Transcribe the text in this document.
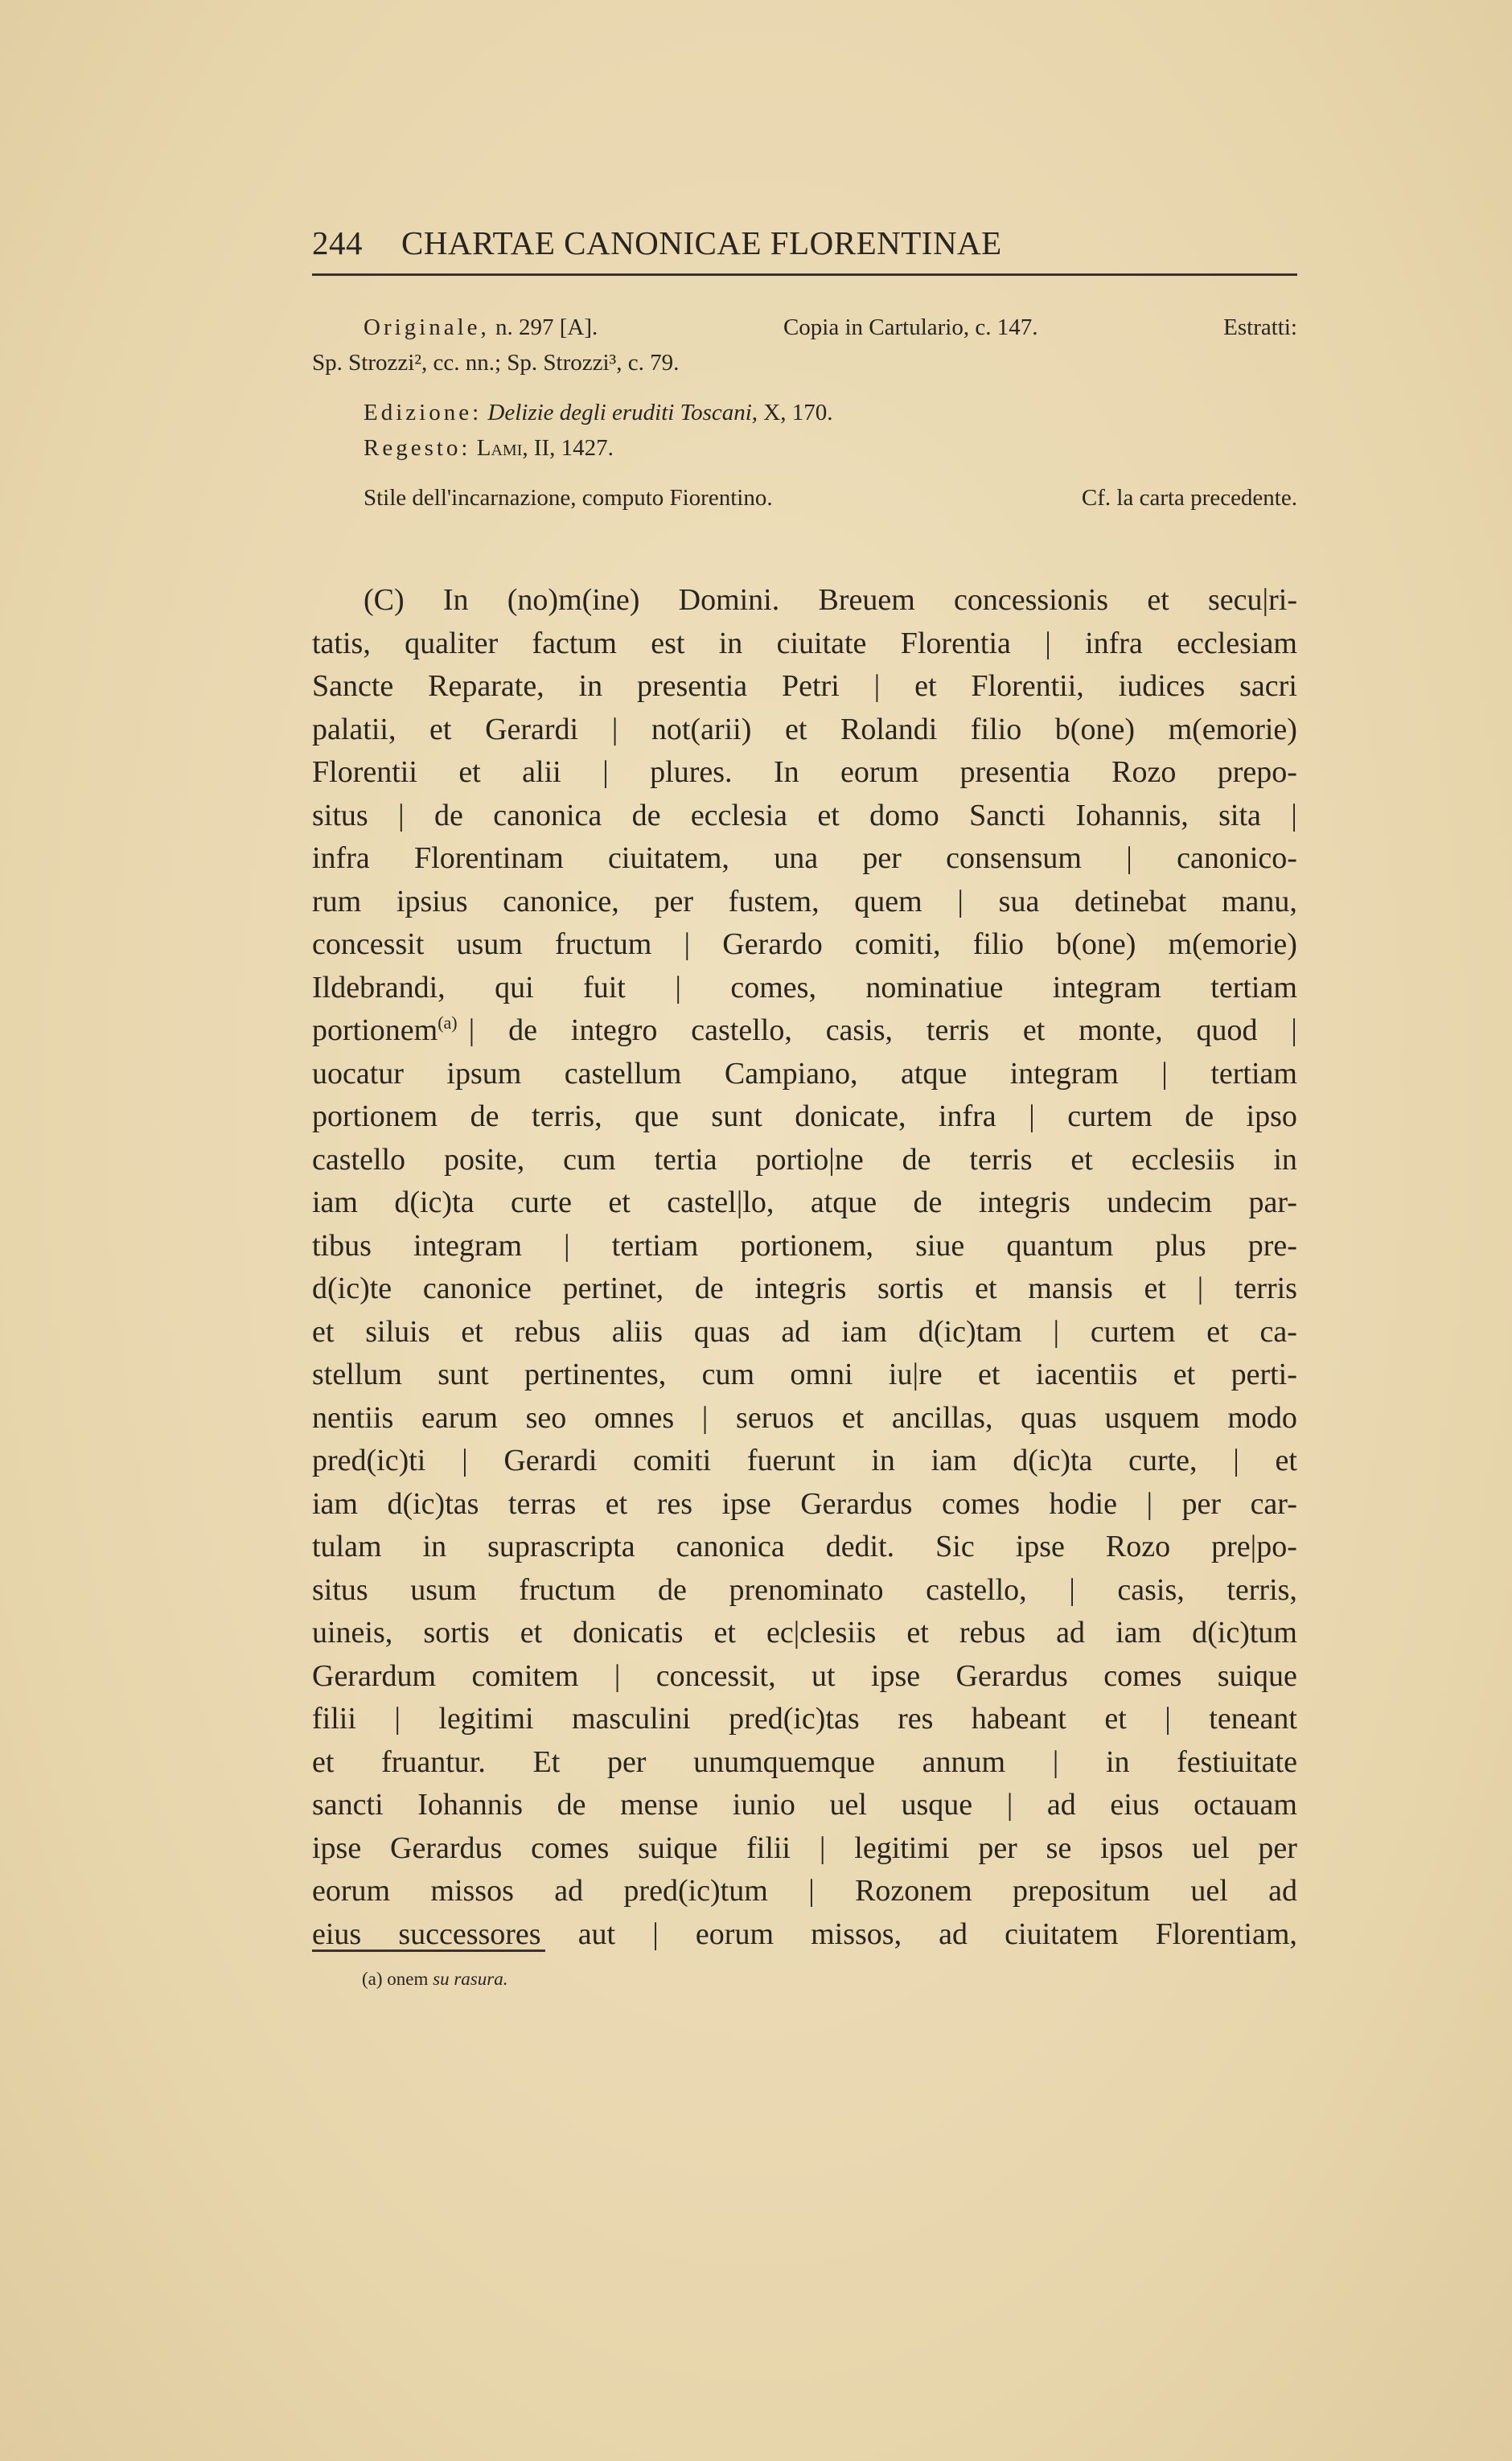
244 CHARTAE CANONICAE FLORENTINAE
Originale, n. 297 [A].	Copia in Cartulario, c. 147.	Estratti:
Sp. Strozzi², cc. nn.; Sp. Strozzi³, c. 79.
Edizione: Delizie degli eruditi Toscani, X, 170.
Regesto: Lami, II, 1427.
Stile dell'incarnazione, computo Fiorentino.	Cf. la carta precedente.
(C) In (no)m(ine) Domini. Breuem concessionis et secu|ri-
tatis, qualiter factum est in ciuitate Florentia | infra ecclesiam
Sancte Reparate, in presentia Petri | et Florentii, iudices sacri
palatii, et Gerardi | not(arii) et Rolandi filio b(one) m(emorie)
Florentii et alii | plures. In eorum presentia Rozo prepo-
situs | de canonica de ecclesia et domo Sancti Iohannis, sita |
infra Florentinam ciuitatem, una per consensum | canonico-
rum ipsius canonice, per fustem, quem | sua detinebat manu,
concessit usum fructum | Gerardo comiti, filio b(one) m(emorie)
Ildebrandi, qui fuit | comes, nominatiue integram tertiam
portionem$^{(a)}$ | de integro castello, casis, terris et monte, quod |
uocatur ipsum castellum Campiano, atque integram | tertiam
portionem de terris, que sunt donicate, infra | curtem de ipso
castello posite, cum tertia portio|ne de terris et ecclesiis in
iam d(ic)ta curte et castel|lo, atque de integris undecim par-
tibus integram | tertiam portionem, siue quantum plus pre-
d(ic)te canonice pertinet, de integris sortis et mansis et | terris
et siluis et rebus aliis quas ad iam d(ic)tam | curtem et ca-
stellum sunt pertinentes, cum omni iu|re et iacentiis et perti-
nentiis earum seo omnes | seruos et ancillas, quas usquem modo
pred(ic)ti | Gerardi comiti fuerunt in iam d(ic)ta curte, | et
iam d(ic)tas terras et res ipse Gerardus comes hodie | per car-
tulam in suprascripta canonica dedit. Sic ipse Rozo pre|po-
situs usum fructum de prenominato castello, | casis, terris,
uineis, sortis et donicatis et ec|clesiis et rebus ad iam d(ic)tum
Gerardum comitem | concessit, ut ipse Gerardus comes suique
filii | legitimi masculini pred(ic)tas res habeant et | teneant
et fruantur. Et per unumquemque annum | in festiuitate
sancti Iohannis de mense iunio uel usque | ad eius octauam
ipse Gerardus comes suique filii | legitimi per se ipsos uel per
eorum missos ad pred(ic)tum | Rozonem prepositum uel ad
eius successores aut | eorum missos, ad ciuitatem Florentiam,
(a) onem su rasura.
